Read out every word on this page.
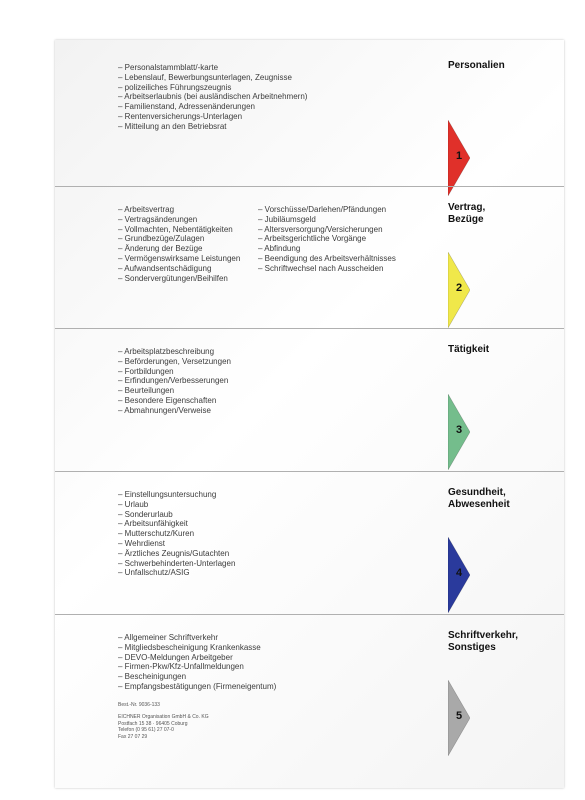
– Personalstammblatt/-karte
– Lebenslauf, Bewerbungsunterlagen, Zeugnisse
– polizeiliches Führungszeugnis
– Arbeitserlaubnis (bei ausländischen Arbeitnehmern)
– Familienstand, Adressenänderungen
– Rentenversicherungs-Unterlagen
– Mitteilung an den Betriebsrat
Personalien
1
– Arbeitsvertrag
– Vertragsänderungen
– Vollmachten, Nebentätigkeiten
– Grundbezüge/Zulagen
– Änderung der Bezüge
– Vermögenswirksame Leistungen
– Aufwandsentschädigung
– Sondervergütungen/Beihilfen
– Vorschüsse/Darlehen/Pfändungen
– Jubiläumsgeld
– Altersversorgung/Versicherungen
– Arbeitsgerichtliche Vorgänge
– Abfindung
– Beendigung des Arbeitsverhältnisses
– Schriftwechsel nach Ausscheiden
Vertrag,
Bezüge
2
– Arbeitsplatzbeschreibung
– Beförderungen, Versetzungen
– Fortbildungen
– Erfindungen/Verbesserungen
– Beurteilungen
– Besondere Eigenschaften
– Abmahnungen/Verweise
Tätigkeit
3
– Einstellungsuntersuchung
– Urlaub
– Sonderurlaub
– Arbeitsunfähigkeit
– Mutterschutz/Kuren
– Wehrdienst
– Ärztliches Zeugnis/Gutachten
– Schwerbehinderten-Unterlagen
– Unfallschutz/ASIG
Gesundheit,
Abwesenheit
4
– Allgemeiner Schriftverkehr
– Mitgliedsbescheinigung Krankenkasse
– DEVO-Meldungen Arbeitgeber
– Firmen-Pkw/Kfz-Unfallmeldungen
– Bescheinigungen
– Empfangsbestätigungen (Firmeneigentum)
Schriftverkehr,
Sonstiges
5
Best.-Nr. 9036-133
EICHNER Organisation GmbH & Co. KG
Postfach 15 38 · 96405 Coburg
Telefon (0 95 61) 27 07-0
Fax 27 07 29
